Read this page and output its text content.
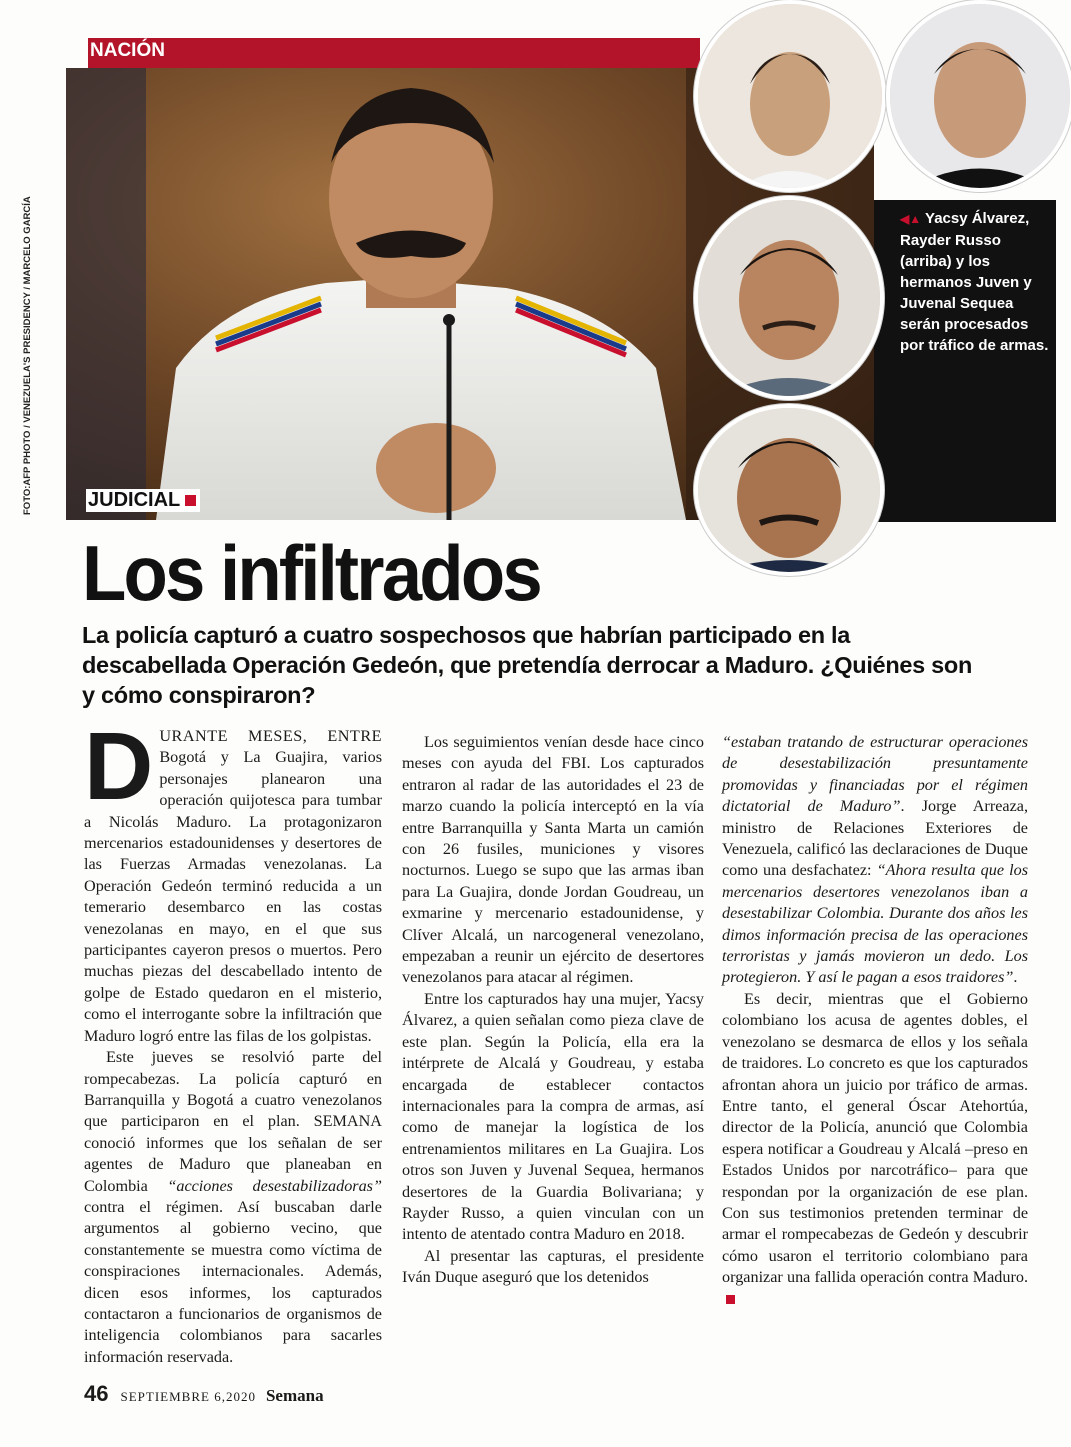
NACIÓN
FOTO:AFP PHOTO / VENEZUELA'S PRESIDENCY / MARCELO GARCÍA	JUDICIAL
◀▲ Yacsy Álvarez, Rayder Russo (arriba) y los hermanos Juven y Juvenal Sequea serán procesados por tráfico de armas.
Los infiltrados
La policía capturó a cuatro sospechosos que habrían participado en la descabellada Operación Gedeón, que pretendía derrocar a Maduro. ¿Quiénes son y cómo conspiraron?

DURANTE MESES, ENTRE Bogotá y La Guajira, varios personajes planearon una operación quijotesca para tumbar a Nicolás Maduro. La protagonizaron mercenarios estadounidenses y desertores de las Fuerzas Armadas venezolanas. La Operación Gedeón terminó reducida a un temerario desembarco en las costas venezolanas en mayo, en el que sus participantes cayeron presos o muertos. Pero muchas piezas del descabellado intento de golpe de Estado quedaron en el misterio, como el interrogante sobre la infiltración que Maduro logró entre las filas de los golpistas.

Este jueves se resolvió parte del rompecabezas. La policía capturó en Barranquilla y Bogotá a cuatro venezolanos que participaron en el plan. SEMANA conoció informes que los señalan de ser agentes de Maduro que planeaban en Colombia “acciones desestabilizadoras” contra el régimen. Así buscaban darle argumentos al gobierno vecino, que constantemente se muestra como víctima de conspiraciones internacionales. Además, dicen esos informes, los capturados contactaron a funcionarios de organismos de inteligencia colombianos para sacarles información reservada.

Los seguimientos venían desde hace cinco meses con ayuda del FBI. Los capturados entraron al radar de las autoridades el 23 de marzo cuando la policía interceptó en la vía entre Barranquilla y Santa Marta un camión con 26 fusiles, municiones y visores nocturnos. Luego se supo que las armas iban para La Guajira, donde Jordan Goudreau, un exmarine y mercenario estadounidense, y Clíver Alcalá, un narcogeneral venezolano, empezaban a reunir un ejército de desertores venezolanos para atacar al régimen.

Entre los capturados hay una mujer, Yacsy Álvarez, a quien señalan como pieza clave de este plan. Según la Policía, ella era la intérprete de Alcalá y Goudreau, y estaba encargada de establecer contactos internacionales para la compra de armas, así como de manejar la logística de los entrenamientos militares en La Guajira. Los otros son Juven y Juvenal Sequea, hermanos desertores de la Guardia Bolivariana; y Rayder Russo, a quien vinculan con un intento de atentado contra Maduro en 2018.

Al presentar las capturas, el presidente Iván Duque aseguró que los detenidos

“estaban tratando de estructurar operaciones de desestabilización presuntamente promovidas y financiadas por el régimen dictatorial de Maduro”. Jorge Arreaza, ministro de Relaciones Exteriores de Venezuela, calificó las declaraciones de Duque como una desfachatez: “Ahora resulta que los mercenarios desertores venezolanos iban a desestabilizar Colombia. Durante dos años les dimos información precisa de las operaciones terroristas y jamás movieron un dedo. Los protegieron. Y así le pagan a esos traidores”.

Es decir, mientras que el Gobierno colombiano los acusa de agentes dobles, el venezolano se desmarca de ellos y los señala de traidores. Lo concreto es que los capturados afrontan ahora un juicio por tráfico de armas. Entre tanto, el general Óscar Atehortúa, director de la Policía, anunció que Colombia espera notificar a Goudreau y Alcalá –preso en Estados Unidos por narcotráfico– para que respondan por la organización de ese plan. Con sus testimonios pretenden terminar de armar el rompecabezas de Gedeón y descubrir cómo usaron el territorio colombiano para organizar una fallida operación contra Maduro.

46 SEPTIEMBRE 6,2020 Semana
